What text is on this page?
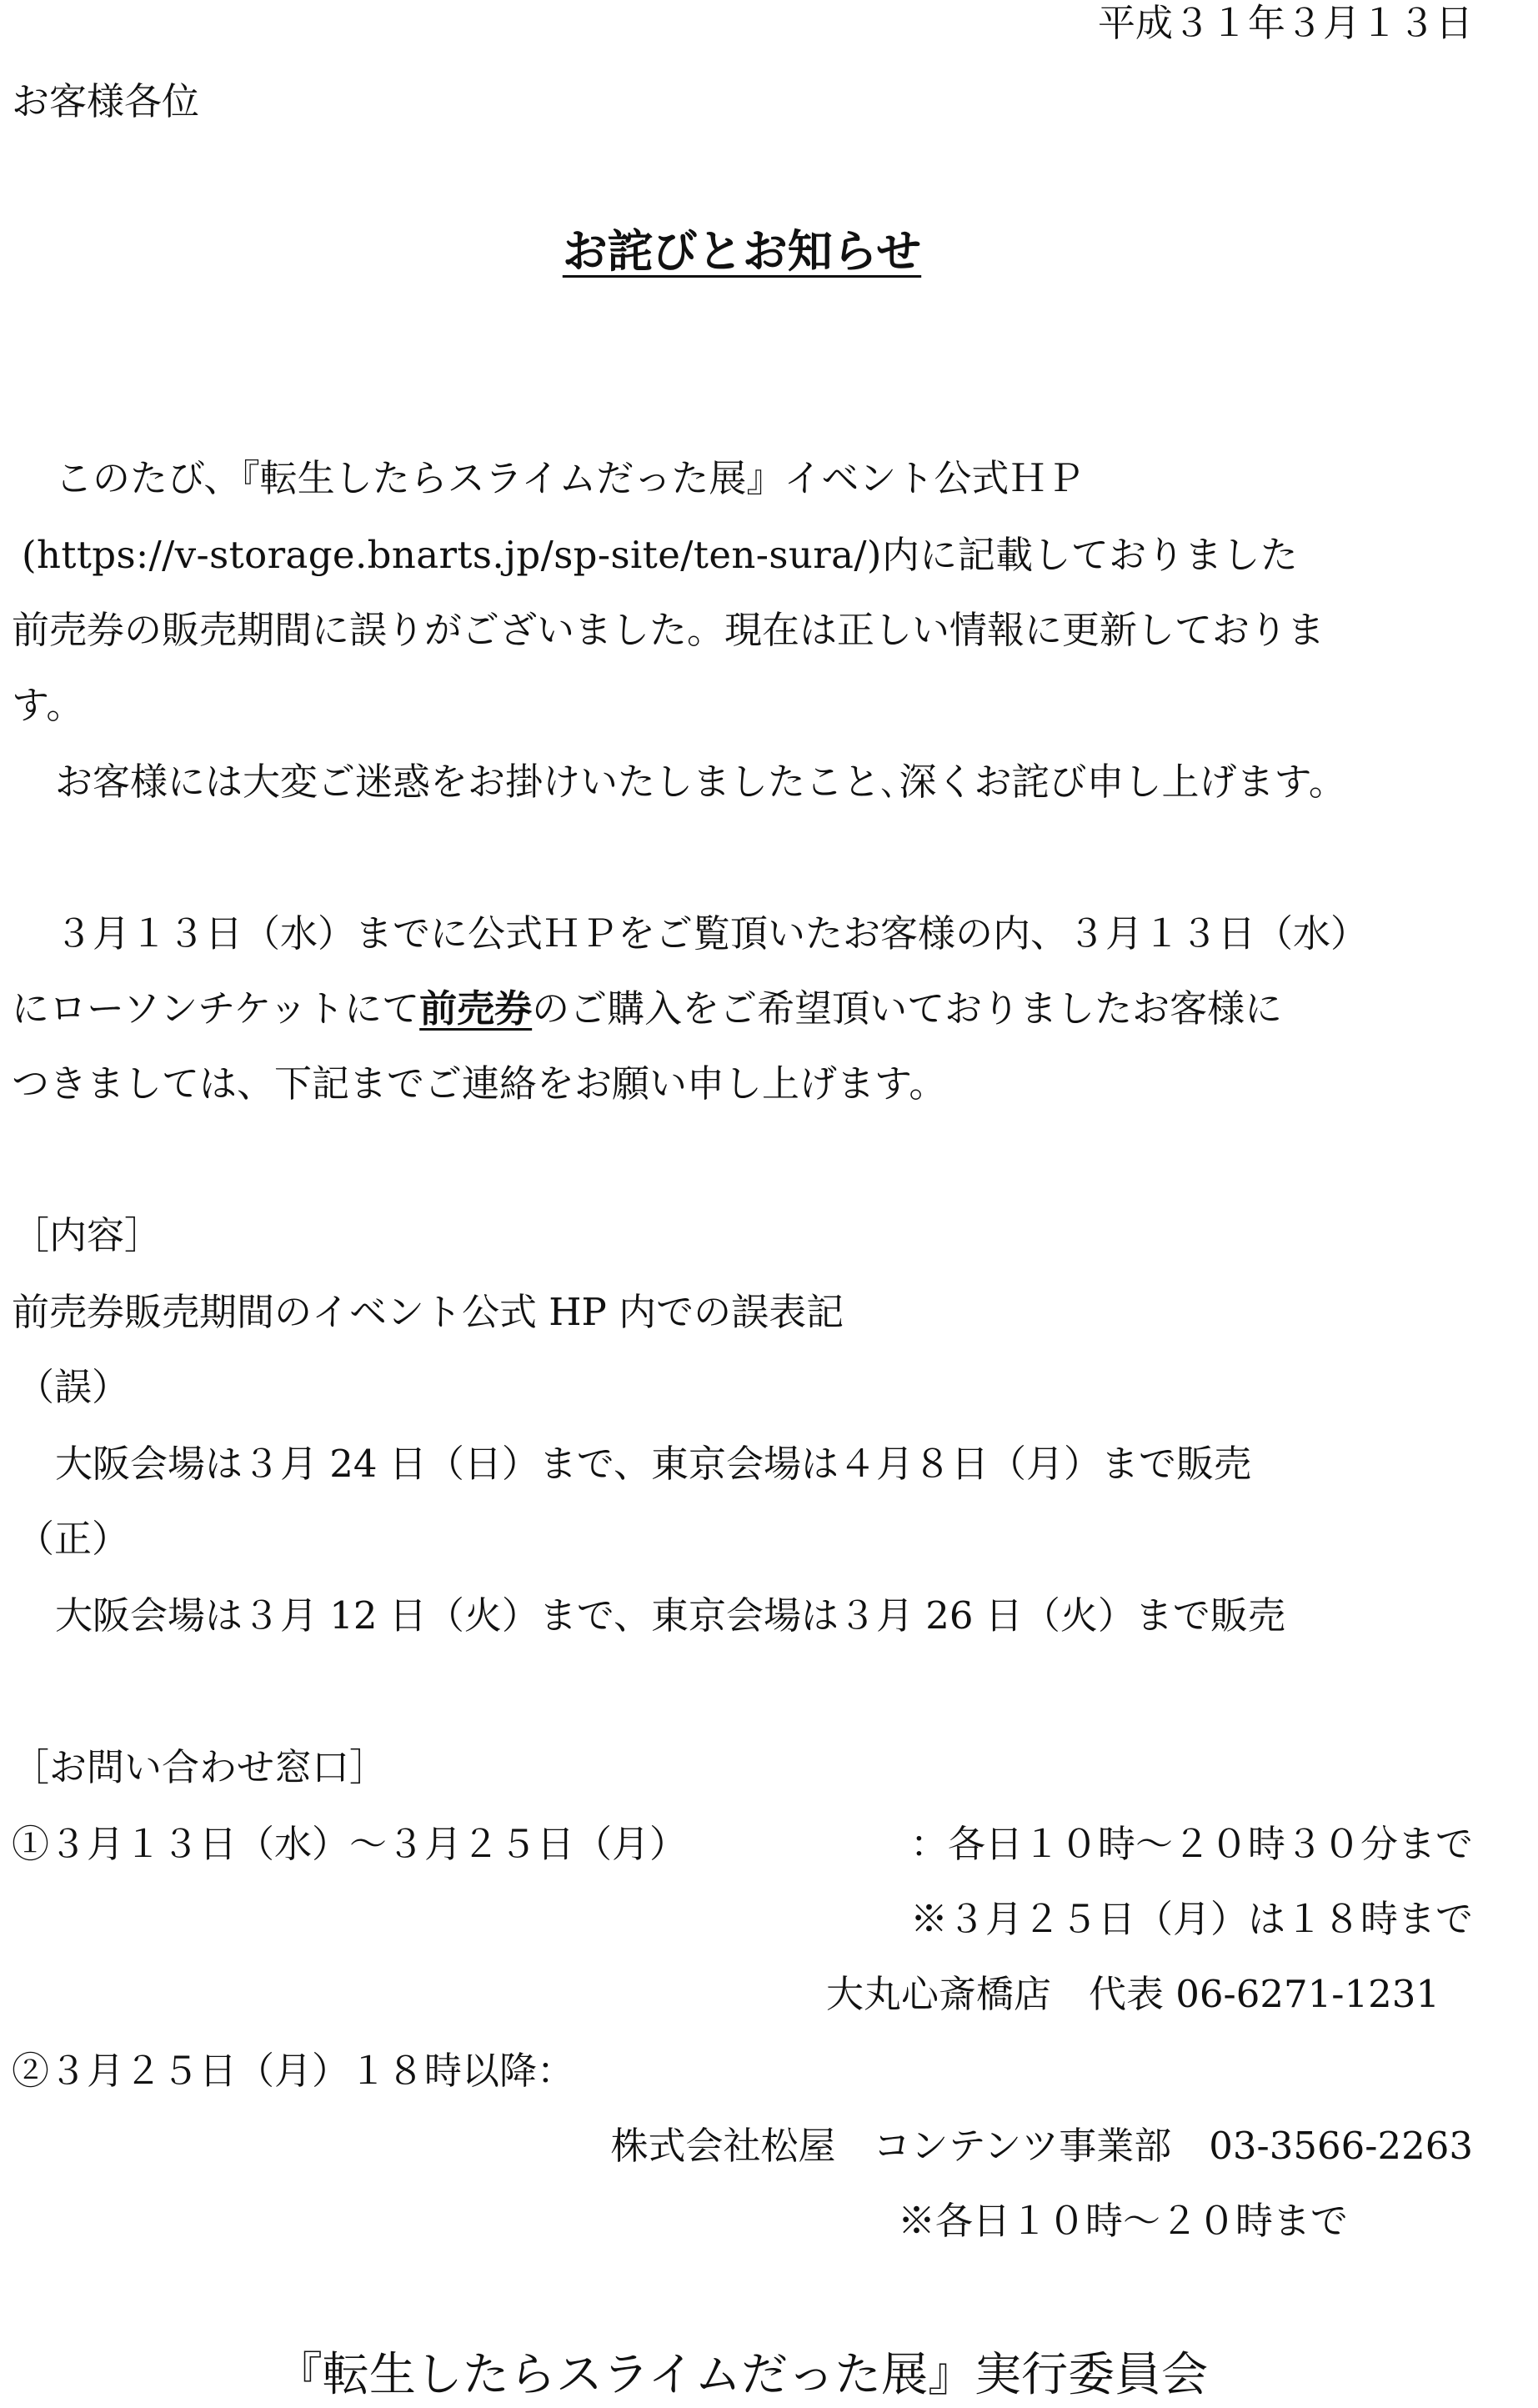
平成３１年３月１３日
お客様各位
お詫びとお知らせ
このたび、『転生したらスライムだった展』イベント公式ＨＰ
(https://v-storage.bnarts.jp/sp-site/ten-sura/)内に記載しておりました
前売券の販売期間に誤りがございました。現在は正しい情報に更新しておりま
す。
お客様には大変ご迷惑をお掛けいたしましたこと､深くお詫び申し上げます。
３月１３日（水）までに公式ＨＰをご覧頂いたお客様の内、３月１３日（水）
にローソンチケットにて前売券のご購入をご希望頂いておりましたお客様に
つきましては、下記までご連絡をお願い申し上げます。
［内容］
前売券販売期間のイベント公式 HP 内での誤表記
（誤）
大阪会場は３月 24 日（日）まで、東京会場は４月８日（月）まで販売
（正）
大阪会場は３月 12 日（火）まで、東京会場は３月 26 日（火）まで販売
［お問い合わせ窓口］
①３月１３日（水）～３月２５日（月）	：各日１０時～２０時３０分まで
※３月２５日（月）は１８時まで
大丸心斎橋店　代表 06-6271-1231
②３月２５日（月）１８時以降：
株式会社松屋　コンテンツ事業部　03-3566-2263
※各日１０時～２０時まで
『転生したらスライムだった展』実行委員会
